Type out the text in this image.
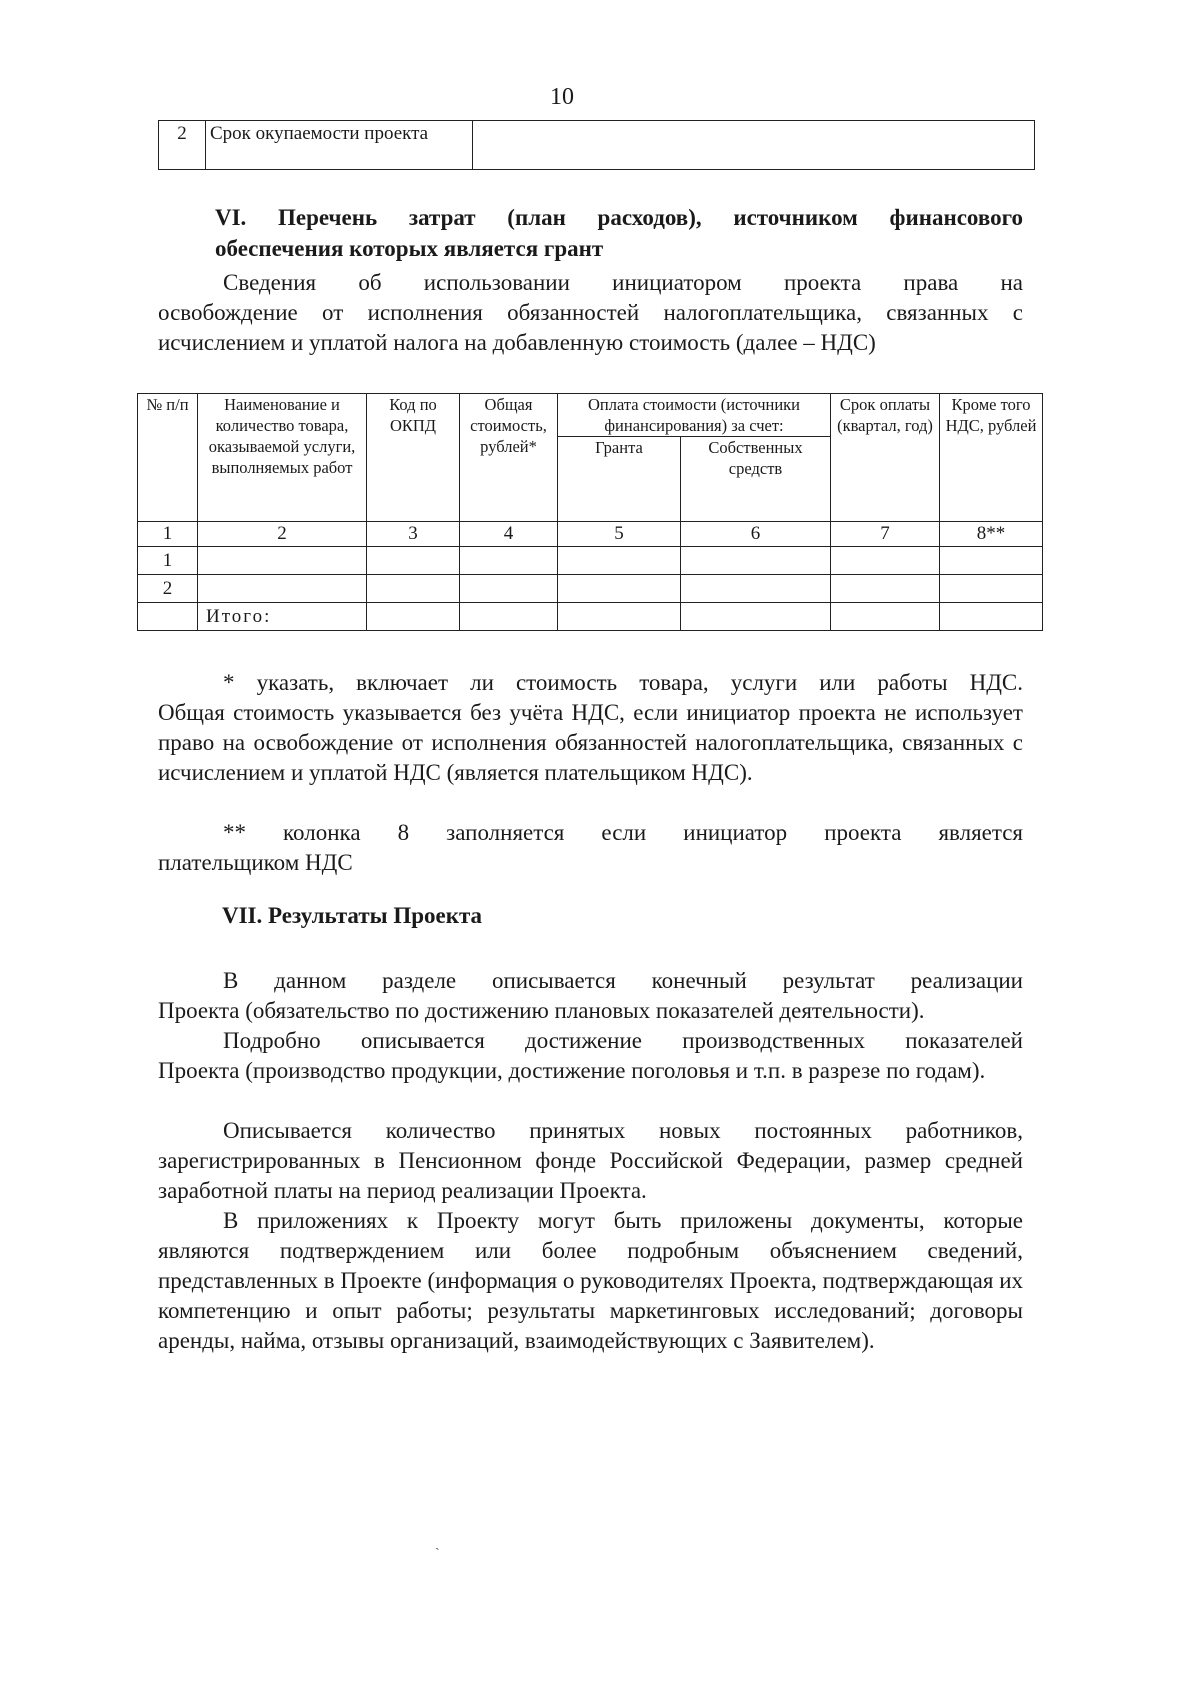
10
2	Срок окупаемости проекта	
VI. Перечень затрат (план расходов), источником финансового
обеспечения которых является грант
Сведения об использовании инициатором проекта права на
освобождение от исполнения обязанностей налогоплательщика, связанных с исчислением и уплатой налога на добавленную стоимость (далее – НДС)
№ п/п	Наименование и количество товара, оказываемой услуги, выполняемых работ	Код по ОКПД	Общая стоимость, рублей*	Оплата стоимости (источники финансирования) за счет:		Срок оплаты (квартал, год)	Кроме того НДС, рублей
				Гранта	Собственных средств		
1	2	3	4	5	6	7	8**
1							
2							
	Итого:						
* указать, включает ли стоимость товара, услуги или работы НДС.
Общая стоимость указывается без учёта НДС, если инициатор проекта не использует право на освобождение от исполнения обязанностей налогоплательщика, связанных с исчислением и уплатой НДС (является плательщиком НДС).
** колонка 8 заполняется если инициатор проекта является
плательщиком НДС
VII. Результаты Проекта
В данном разделе описывается конечный результат реализации
Проекта (обязательство по достижению плановых показателей деятельности).
Подробно описывается достижение производственных показателей
Проекта (производство продукции, достижение поголовья и т.п. в разрезе по годам).
Описывается количество принятых новых постоянных работников,
зарегистрированных в Пенсионном фонде Российской Федерации, размер средней заработной платы на период реализации Проекта.
В приложениях к Проекту могут быть приложены документы, которые
являются подтверждением или более подробным объяснением сведений, представленных в Проекте (информация о руководителях Проекта, подтверждающая их компетенцию и опыт работы; результаты маркетинговых исследований; договоры аренды, найма, отзывы организаций, взаимодействующих с Заявителем).
ˎ
